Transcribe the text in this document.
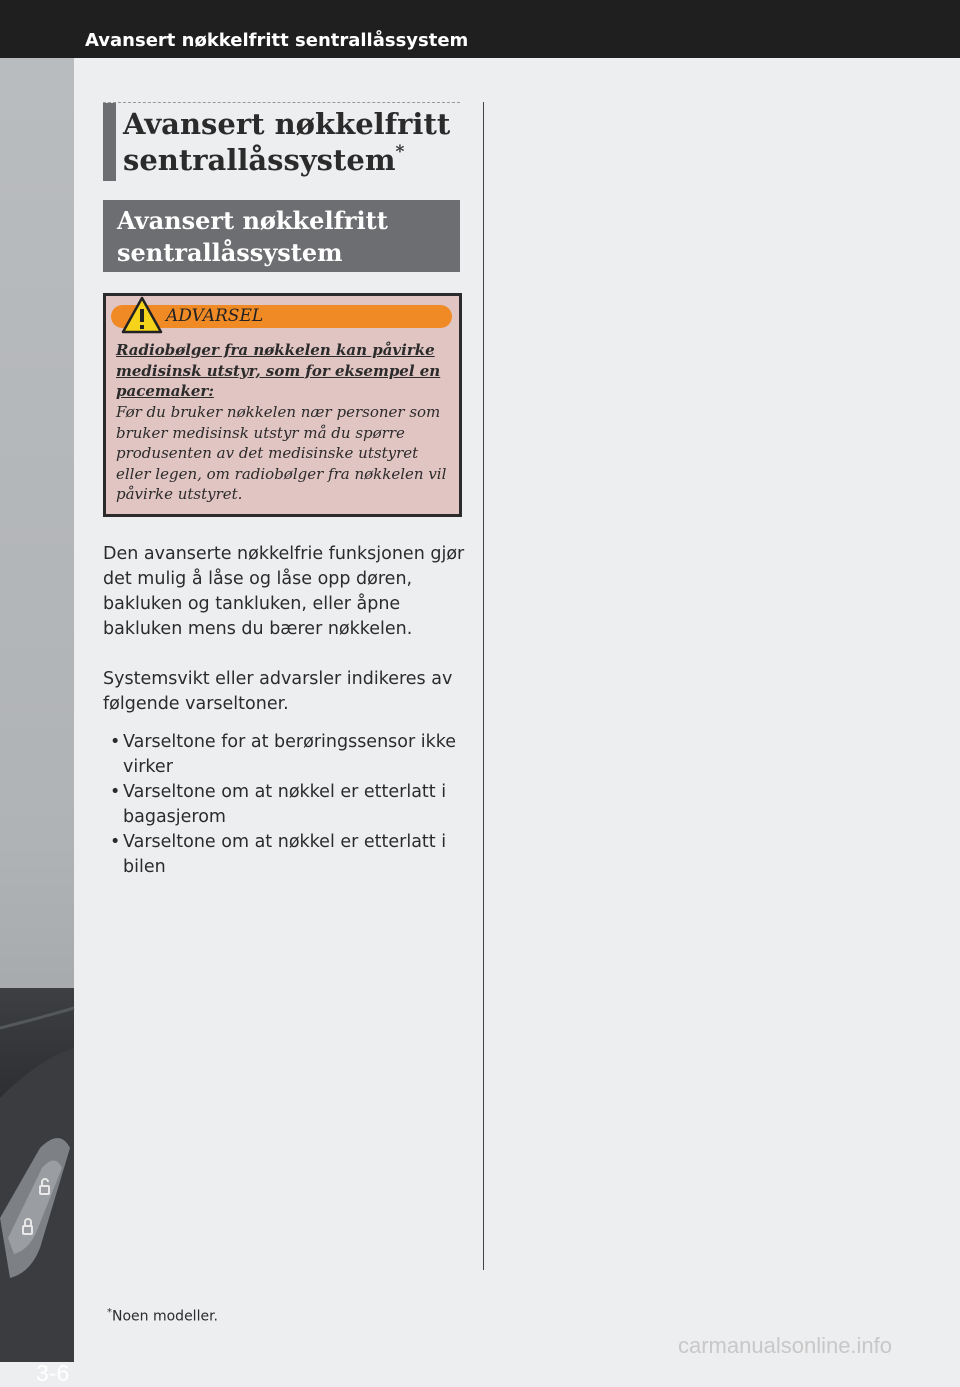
Avansert nøkkelfritt sentrallåssystem
3-6
Avansert nøkkelfritt sentrallåssystem*
Avansert nøkkelfritt sentrallåssystem
ADVARSEL
Radiobølger fra nøkkelen kan påvirke medisinsk utstyr, som for eksempel en pacemaker:
Før du bruker nøkkelen nær personer som bruker medisinsk utstyr må du spørre produsenten av det medisinske utstyret eller legen, om radiobølger fra nøkkelen vil påvirke utstyret.
Den avanserte nøkkelfrie funksjonen gjør det mulig å låse og låse opp døren, bakluken og tankluken, eller åpne bakluken mens du bærer nøkkelen.
Systemsvikt eller advarsler indikeres av følgende varseltoner.
• Varseltone for at berøringssensor ikke virker
• Varseltone om at nøkkel er etterlatt i bagasjerom
• Varseltone om at nøkkel er etterlatt i bilen
*Noen modeller.
carmanualsonline.info
